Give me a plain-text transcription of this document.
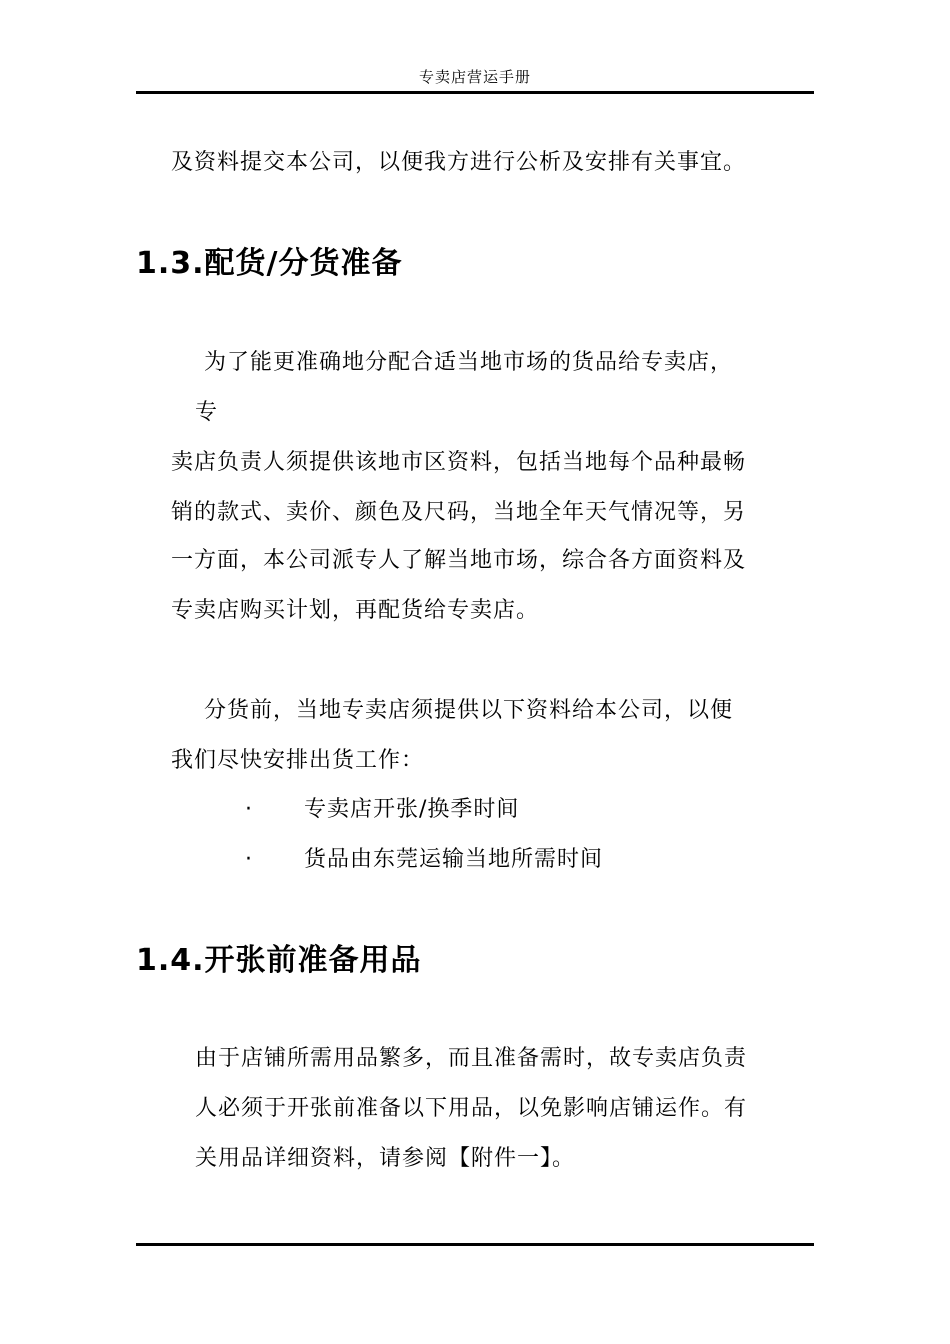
专卖店营运手册
及资料提交本公司，以便我方进行公析及安排有关事宜。
1.3.配货/分货准备
为了能更准确地分配合适当地市场的货品给专卖店，
专
卖店负责人须提供该地市区资料，包括当地每个品种最畅
销的款式、卖价、颜色及尺码，当地全年天气情况等，另
一方面，本公司派专人了解当地市场，综合各方面资料及
专卖店购买计划，再配货给专卖店。
分货前，当地专卖店须提供以下资料给本公司，以便
我们尽快安排出货工作：
· 专卖店开张/换季时间
· 货品由东莞运输当地所需时间
1.4.开张前准备用品
由于店铺所需用品繁多，而且准备需时，故专卖店负责
人必须于开张前准备以下用品，以免影响店铺运作。有
关用品详细资料，请参阅【附件一】。
